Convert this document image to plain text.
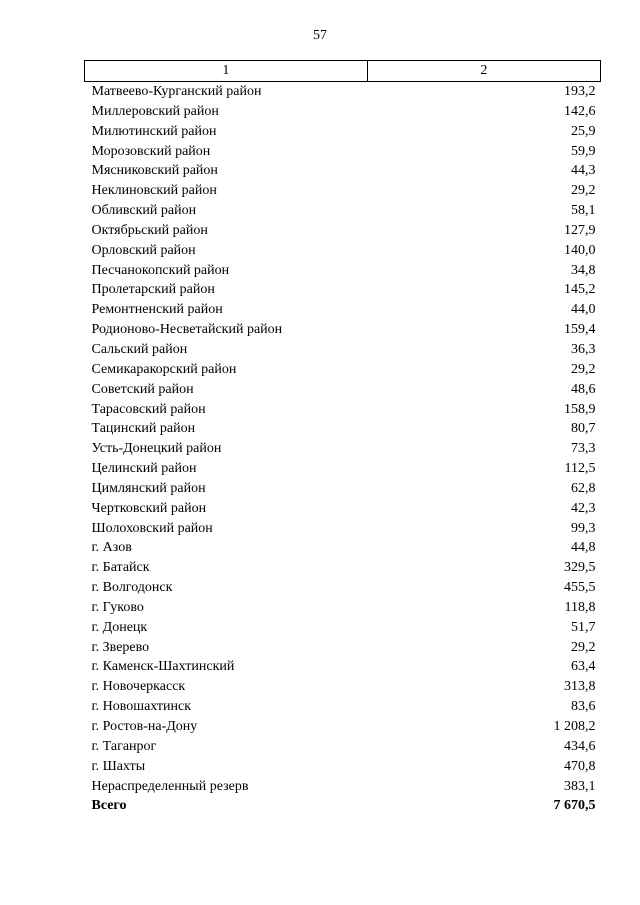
57
1	2
Матвеево-Курганский район	193,2
Миллеровский район	142,6
Милютинский район	25,9
Морозовский район	59,9
Мясниковский район	44,3
Неклиновский район	29,2
Обливский район	58,1
Октябрьский район	127,9
Орловский район	140,0
Песчанокопский район	34,8
Пролетарский район	145,2
Ремонтненский район	44,0
Родионово-Несветайский район	159,4
Сальский район	36,3
Семикаракорский район	29,2
Советский район	48,6
Тарасовский район	158,9
Тацинский район	80,7
Усть-Донецкий район	73,3
Целинский район	112,5
Цимлянский район	62,8
Чертковский район	42,3
Шолоховский район	99,3
г. Азов	44,8
г. Батайск	329,5
г. Волгодонск	455,5
г. Гуково	118,8
г. Донецк	51,7
г. Зверево	29,2
г. Каменск-Шахтинский	63,4
г. Новочеркасск	313,8
г. Новошахтинск	83,6
г. Ростов-на-Дону	1 208,2
г. Таганрог	434,6
г. Шахты	470,8
Нераспределенный резерв	383,1
Всего	7 670,5
